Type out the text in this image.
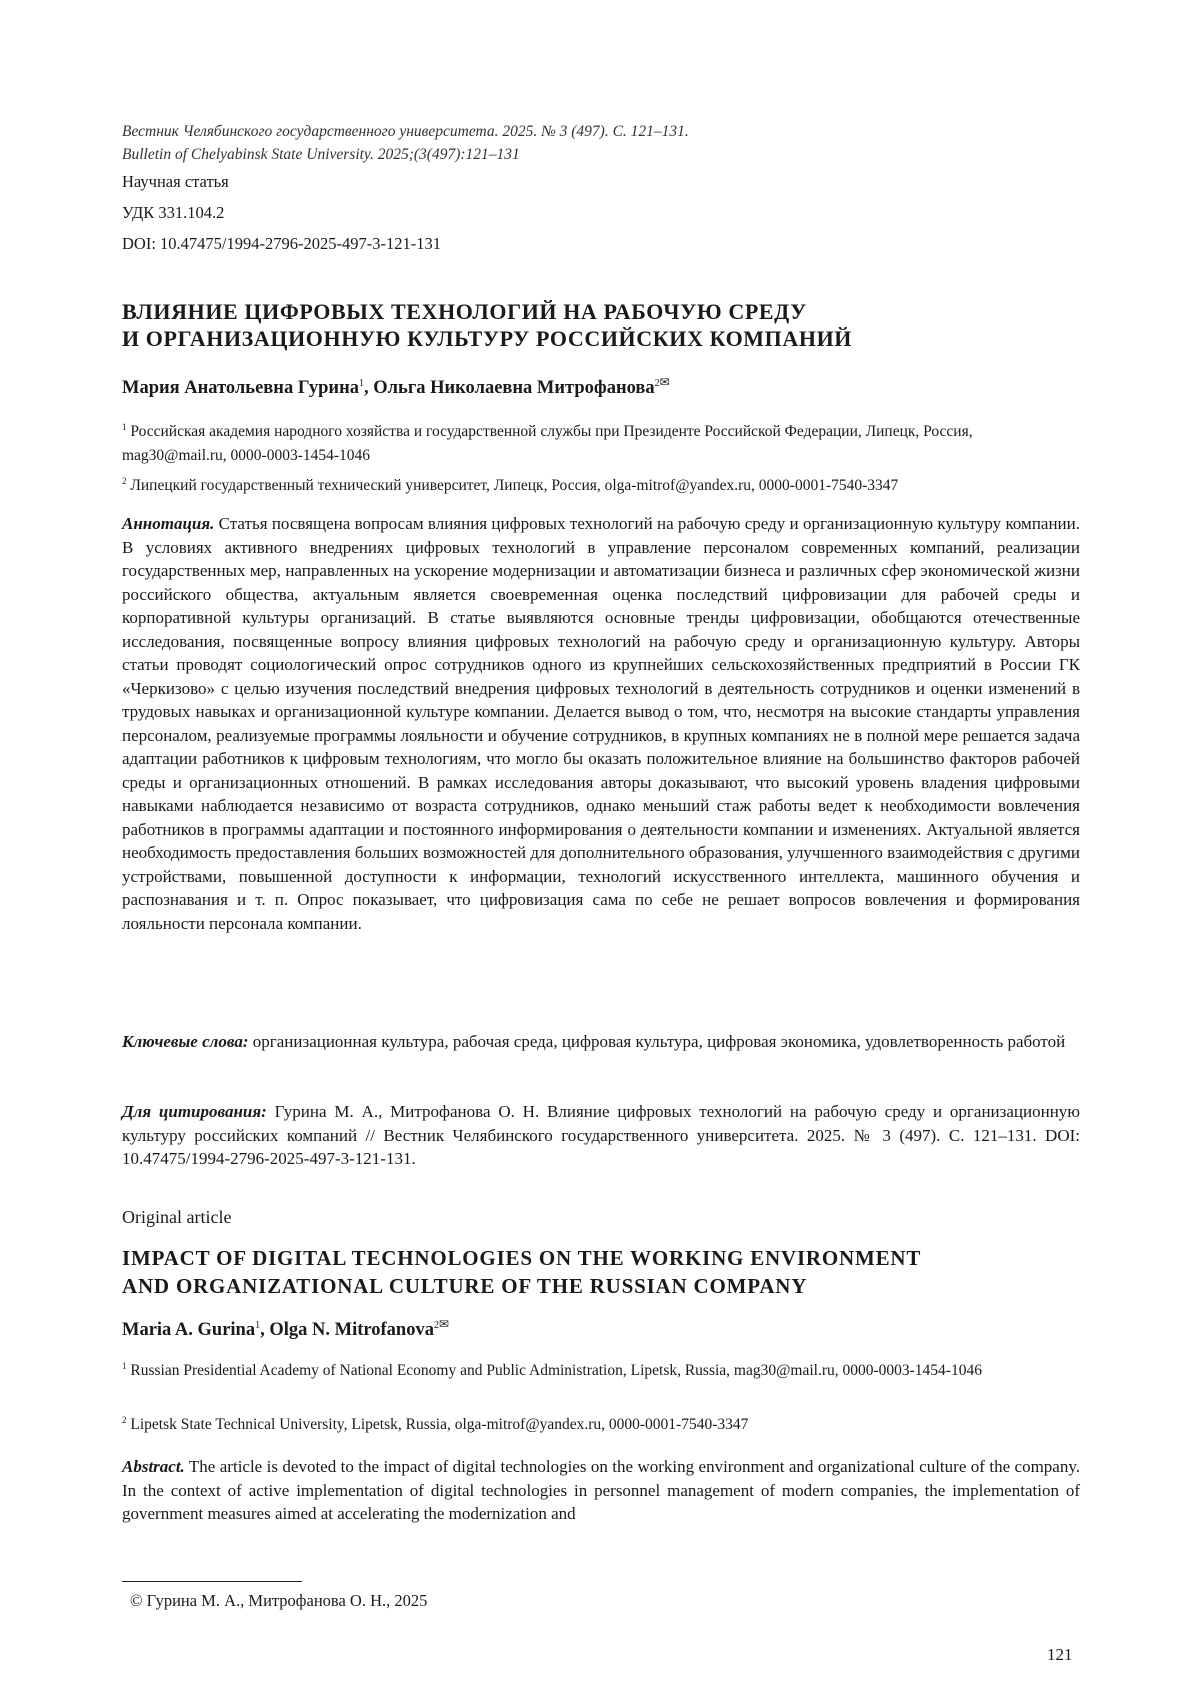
Вестник Челябинского государственного университета. 2025. № 3 (497). С. 121–131.
Bulletin of Chelyabinsk State University. 2025;(3(497):121–131
Научная статья
УДК 331.104.2
DOI: 10.47475/1994-2796-2025-497-3-121-131
ВЛИЯНИЕ ЦИФРОВЫХ ТЕХНОЛОГИЙ НА РАБОЧУЮ СРЕДУ
И ОРГАНИЗАЦИОННУЮ КУЛЬТУРУ РОССИЙСКИХ КОМПАНИЙ
Мария Анатольевна Гурина$^1$, Ольга Николаевна Митрофанова$^{2✉}$
$^1$ Российская академия народного хозяйства и государственной службы при Президенте Российской Федерации, Липецк, Россия, mag30@mail.ru, 0000-0003-1454-1046
$^2$ Липецкий государственный технический университет, Липецк, Россия, olga-mitrof@yandex.ru, 0000-0001-7540-3347
Аннотация. Статья посвящена вопросам влияния цифровых технологий на рабочую среду и организационную культуру компании. В условиях активного внедрениях цифровых технологий в управление персоналом современных компаний, реализации государственных мер, направленных на ускорение модернизации и автоматизации бизнеса и различных сфер экономической жизни российского общества, актуальным является своевременная оценка последствий цифровизации для рабочей среды и корпоративной культуры организаций. В статье выявляются основные тренды цифровизации, обобщаются отечественные исследования, посвященные вопросу влияния цифровых технологий на рабочую среду и организационную культуру. Авторы статьи проводят социологический опрос сотрудников одного из крупнейших сельскохозяйственных предприятий в России ГК «Черкизово» с целью изучения последствий внедрения цифровых технологий в деятельность сотрудников и оценки изменений в трудовых навыках и организационной культуре компании. Делается вывод о том, что, несмотря на высокие стандарты управления персоналом, реализуемые программы лояльности и обучение сотрудников, в крупных компаниях не в полной мере решается задача адаптации работников к цифровым технологиям, что могло бы оказать положительное влияние на большинство факторов рабочей среды и организационных отношений. В рамках исследования авторы доказывают, что высокий уровень владения цифровыми навыками наблюдается независимо от возраста сотрудников, однако меньший стаж работы ведет к необходимости вовлечения работников в программы адаптации и постоянного информирования о деятельности компании и изменениях. Актуальной является необходимость предоставления больших возможностей для дополнительного образования, улучшенного взаимодействия с другими устройствами, повышенной доступности к информации, технологий искусственного интеллекта, машинного обучения и распознавания и т. п. Опрос показывает, что цифровизация сама по себе не решает вопросов вовлечения и формирования лояльности персонала компании.
Ключевые слова: организационная культура, рабочая среда, цифровая культура, цифровая экономика, удовлетворенность работой
Для цитирования: Гурина М. А., Митрофанова О. Н. Влияние цифровых технологий на рабочую среду и организационную культуру российских компаний // Вестник Челябинского государственного университета. 2025. № 3 (497). С. 121–131. DOI: 10.47475/1994-2796-2025-497-3-121-131.
Original article
IMPACT OF DIGITAL TECHNOLOGIES ON THE WORKING ENVIRONMENT
AND ORGANIZATIONAL CULTURE OF THE RUSSIAN COMPANY
Maria A. Gurina$^1$, Olga N. Mitrofanova$^{2✉}$
$^1$ Russian Presidential Academy of National Economy and Public Administration, Lipetsk, Russia, mag30@mail.ru, 0000-0003-1454-1046
$^2$ Lipetsk State Technical University, Lipetsk, Russia, olga-mitrof@yandex.ru, 0000-0001-7540-3347
Abstract. The article is devoted to the impact of digital technologies on the working environment and organizational culture of the company. In the context of active implementation of digital technologies in personnel management of modern companies, the implementation of government measures aimed at accelerating the modernization and
© Гурина М. А., Митрофанова О. Н., 2025
121
